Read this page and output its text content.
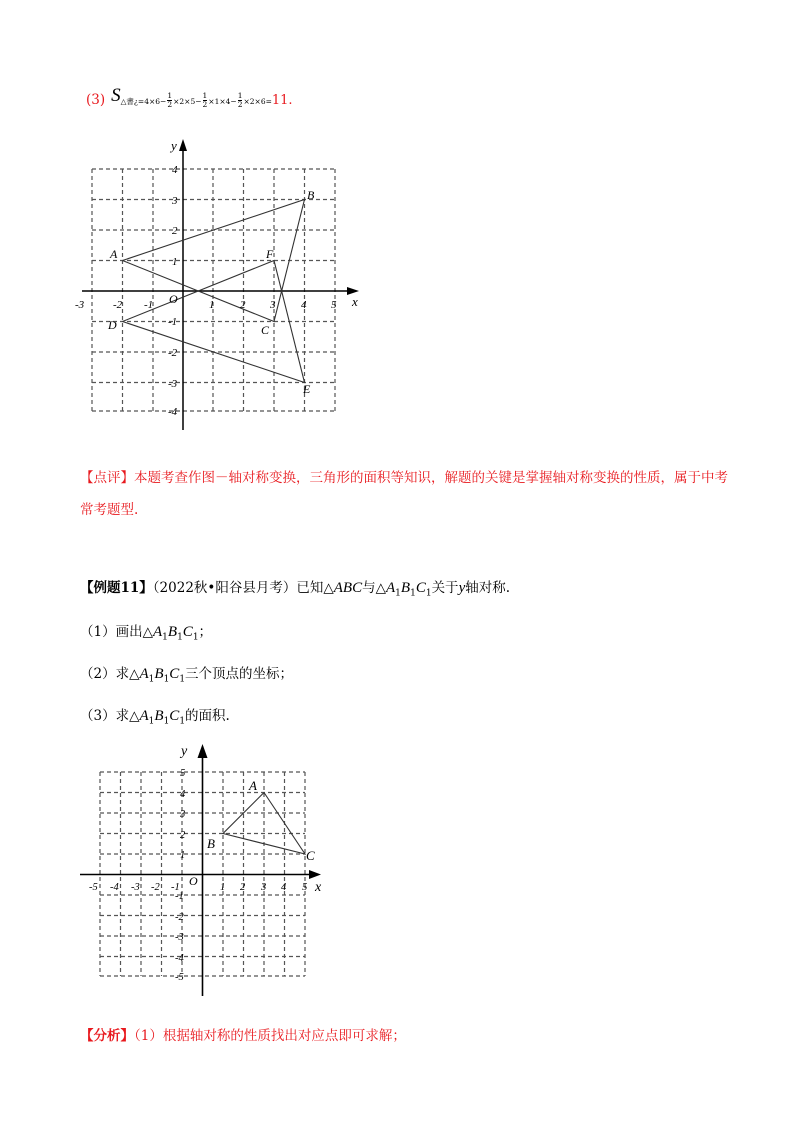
(3) S△書¿$=4\times 6- \frac{1}{2} \times 2\times 5- \frac{1}{2} \times 1\times 4- \frac{1}{2} \times 2\times 6=11$.
-3	-2 -1	1 2 3 4 5
4
3
2
1
-1
-2
-3
-4
O	x
y
A
B
C
D
E
F
【点评】本题考查作图－轴对称变换，三角形的面积等知识，解题的关键是掌握轴对称变换的性质，属于中考常考题型.
【例题11】（2022秋•阳谷县月考）已知△ABC与$\triangle A_1B_1C_1$关于y轴对称.
（1）画出$\triangle A_1B_1C_1$；
（2）求$\triangle A_1B_1C_1$三个顶点的坐标；
（3）求$\triangle A_1B_1C_1$的面积.
-5 -4 -3 -2 -1	1 2 3 4 5
5
4
3
2
1
-1
-2
-3
-4
-5
O	x
y
A
B
C
【分析】（1）根据轴对称的性质找出对应点即可求解；
